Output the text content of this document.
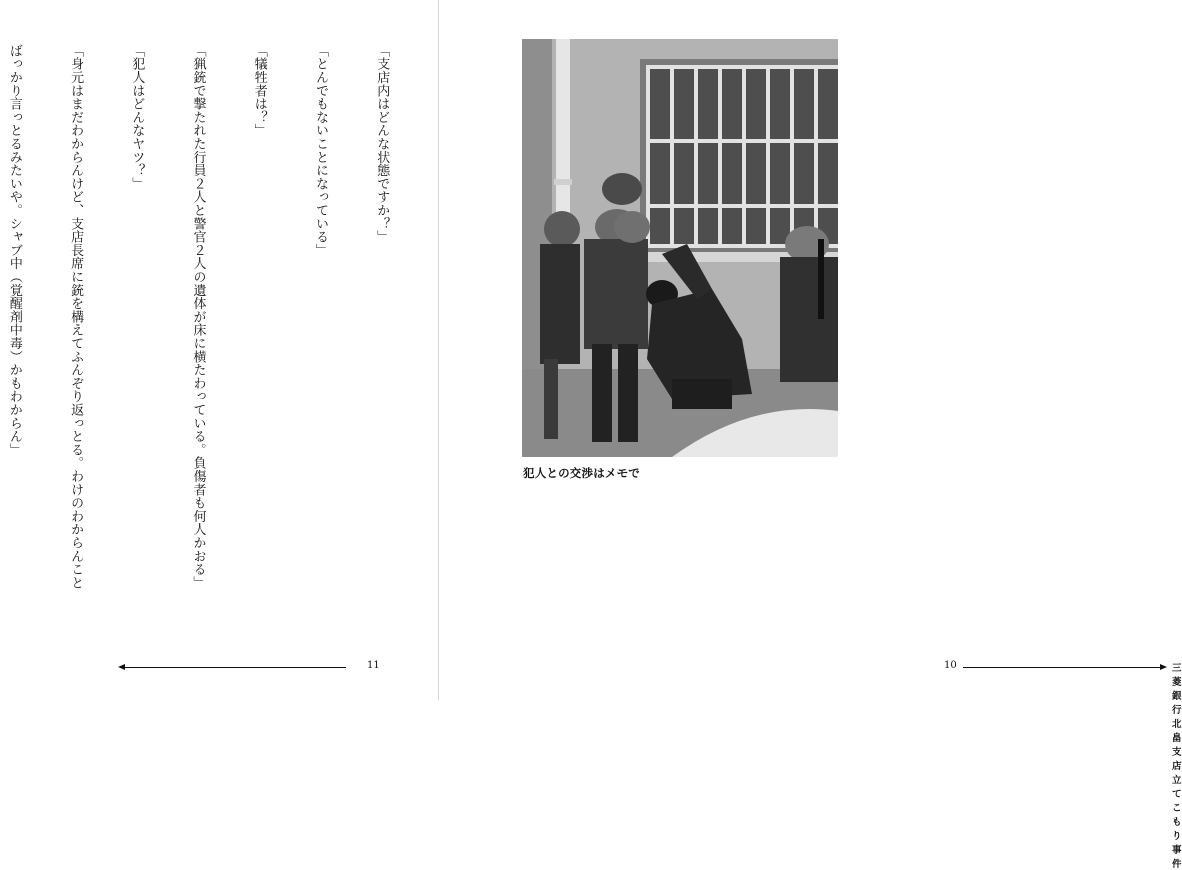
「支店内はどんな状態ですか？」

「とんでもないことになっている」

「犠牲者は？」

「猟銃で撃たれた行員２人と警官２人の遺体が床に横たわっている。負傷者も何人かおる」

「犯人はどんなヤツ？」

「身元はまだわからんけど、支店長席に銃を構えてふんぞり返っとる。わけのわからんこと

ばっかり言っとるみたいや。シャブ中（覚醒剤中毒）かもわからん」

11	10	三菱銀行北畠支店立てこもり事件
犯人との交渉はメモで
